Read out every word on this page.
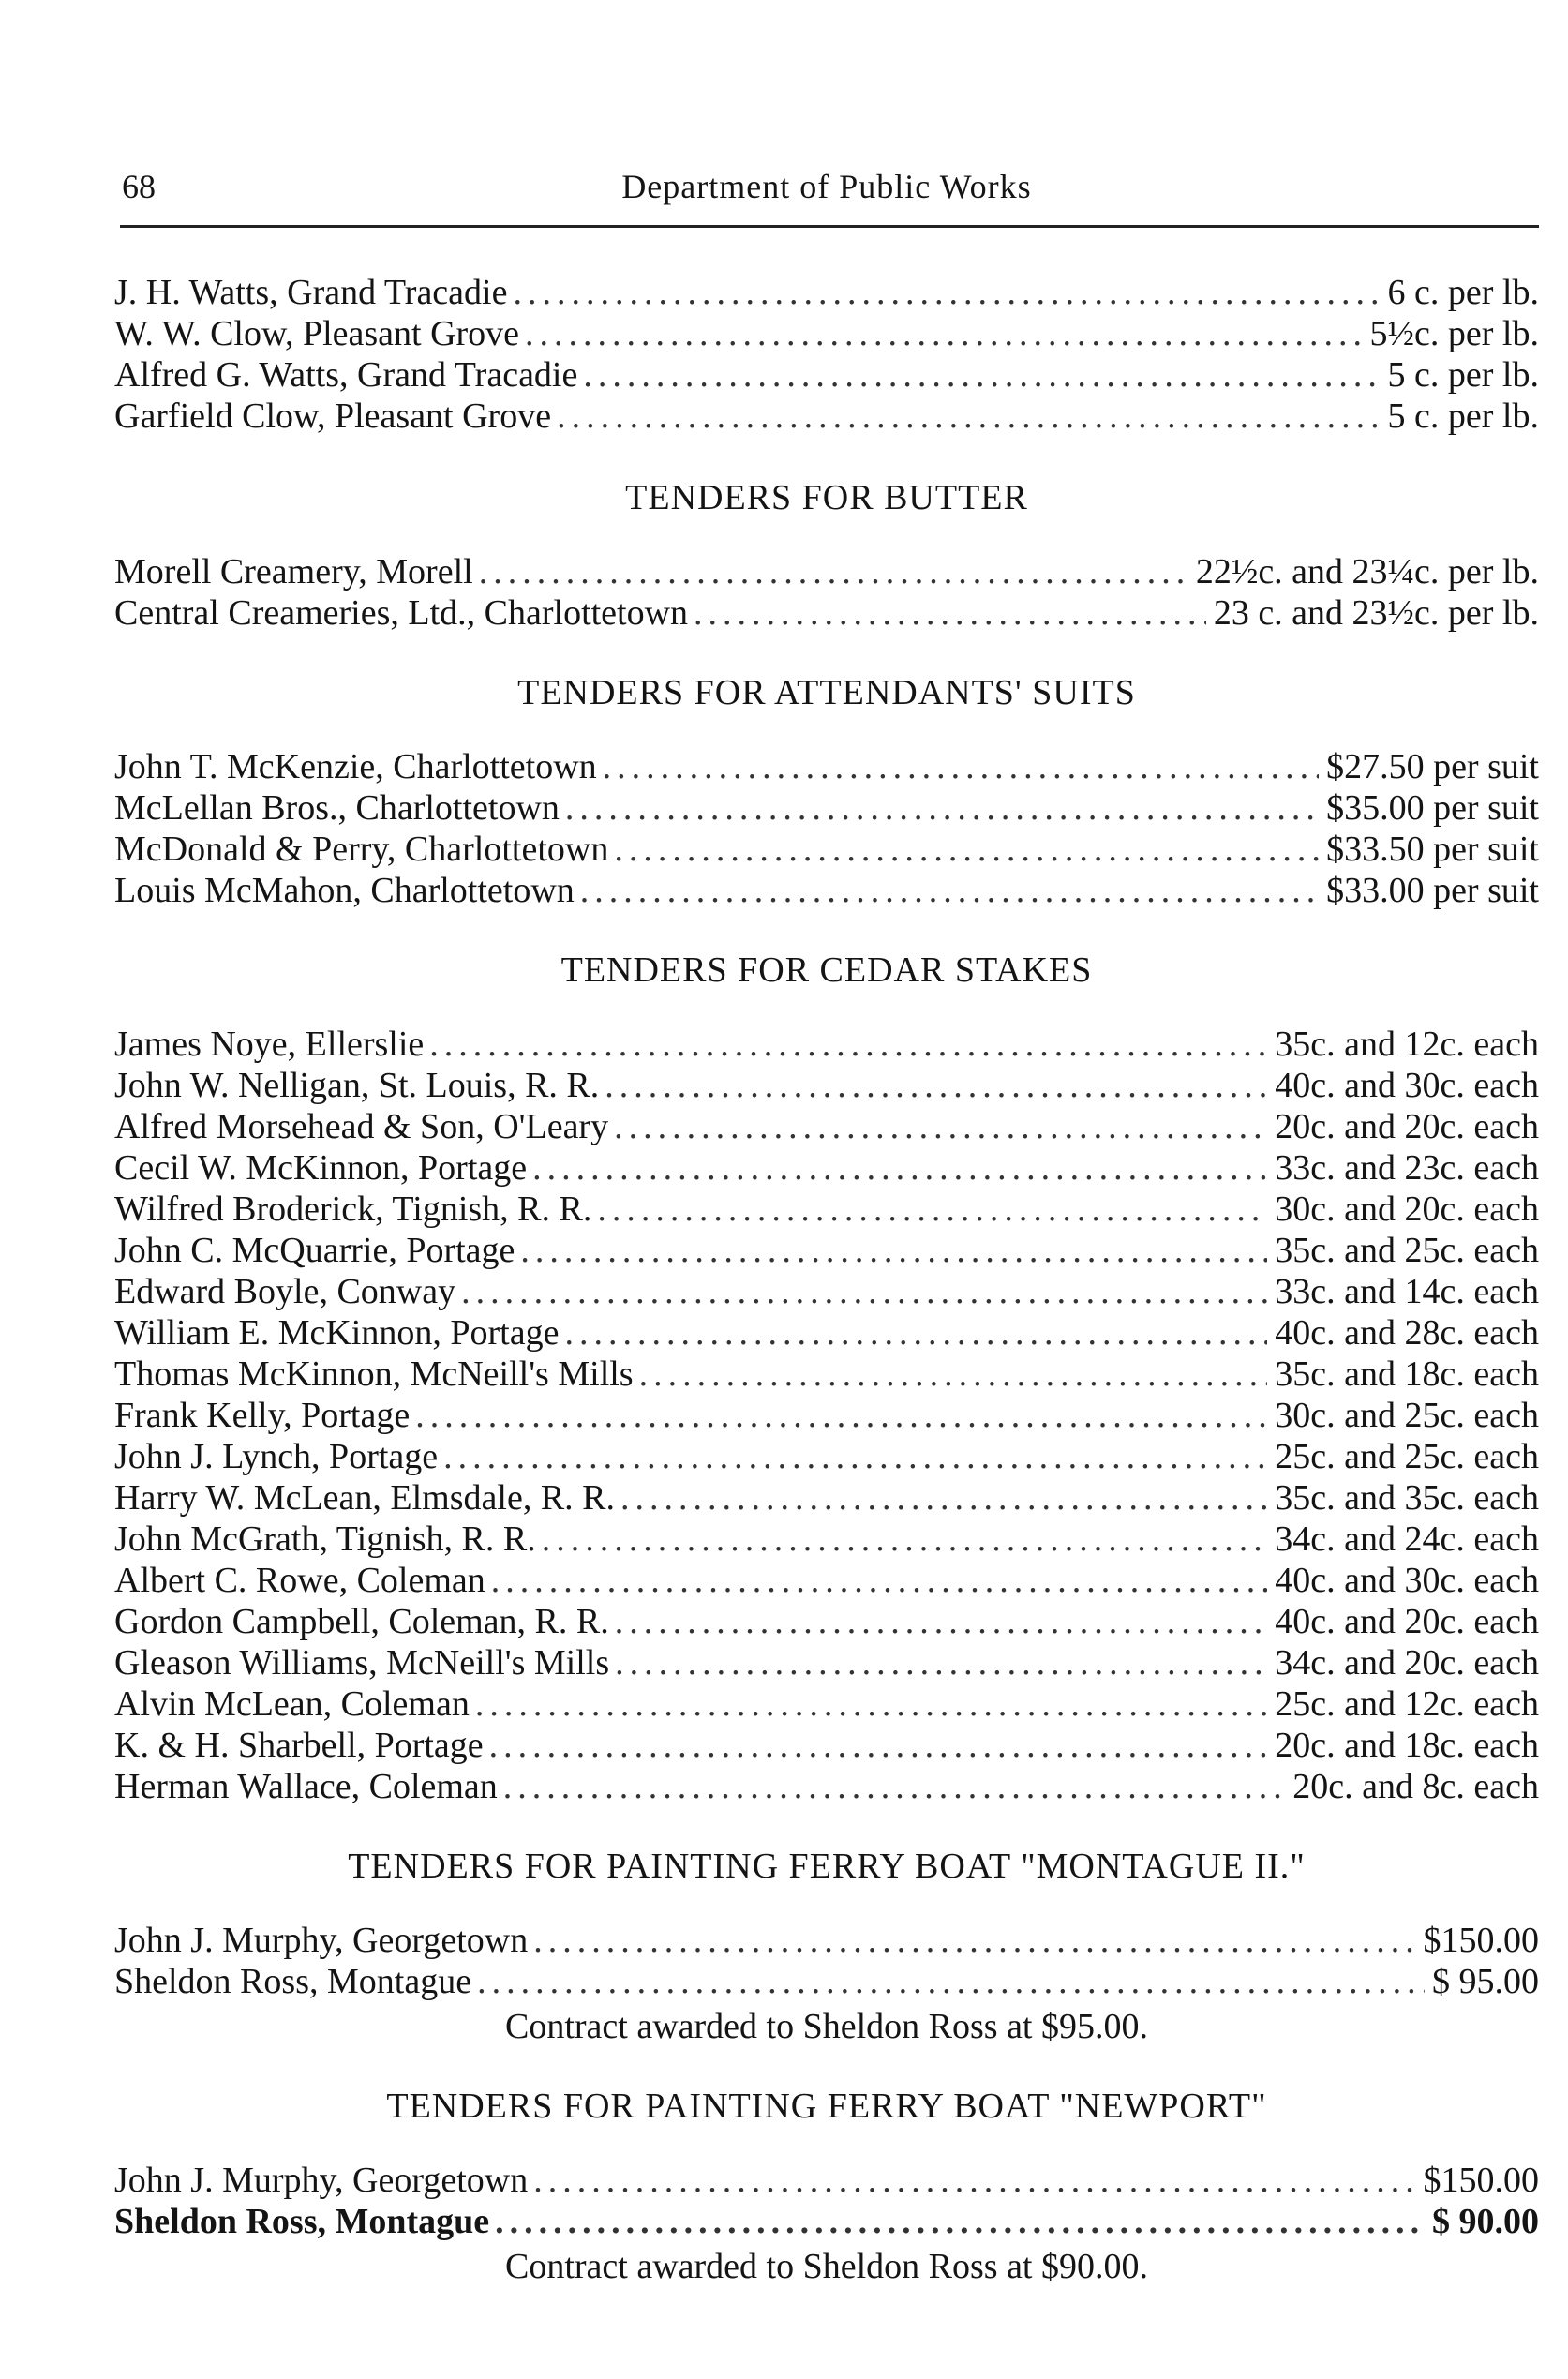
68	Department of Public Works
J. H. Watts, Grand Tracadie .....	6 c. per lb.
W. W. Clow, Pleasant Grove .....	5½c. per lb.
Alfred G. Watts, Grand Tracadie .....	5 c. per lb.
Garfield Clow, Pleasant Grove .....	5 c. per lb.
TENDERS FOR BUTTER
Morell Creamery, Morell .....	22½c. and 23¼c. per lb.
Central Creameries, Ltd., Charlottetown .....	23 c. and 23½c. per lb.
TENDERS FOR ATTENDANTS' SUITS
John T. McKenzie, Charlottetown .....	$27.50 per suit
McLellan Bros., Charlottetown .....	$35.00 per suit
McDonald & Perry, Charlottetown .....	$33.50 per suit
Louis McMahon, Charlottetown .....	$33.00 per suit
TENDERS FOR CEDAR STAKES
James Noye, Ellerslie .....	35c. and 12c. each
John W. Nelligan, St. Louis, R. R. .....	40c. and 30c. each
Alfred Morsehead & Son, O'Leary .....	20c. and 20c. each
Cecil W. McKinnon, Portage .....	33c. and 23c. each
Wilfred Broderick, Tignish, R. R. .....	30c. and 20c. each
John C. McQuarrie, Portage .....	35c. and 25c. each
Edward Boyle, Conway .....	33c. and 14c. each
William E. McKinnon, Portage .....	40c. and 28c. each
Thomas McKinnon, McNeill's Mills .....	35c. and 18c. each
Frank Kelly, Portage .....	30c. and 25c. each
John J. Lynch, Portage .....	25c. and 25c. each
Harry W. McLean, Elmsdale, R. R. .....	35c. and 35c. each
John McGrath, Tignish, R. R. .....	34c. and 24c. each
Albert C. Rowe, Coleman .....	40c. and 30c. each
Gordon Campbell, Coleman, R. R. .....	40c. and 20c. each
Gleason Williams, McNeill's Mills .....	34c. and 20c. each
Alvin McLean, Coleman .....	25c. and 12c. each
K. & H. Sharbell, Portage .....	20c. and 18c. each
Herman Wallace, Coleman .....	20c. and 8c. each
TENDERS FOR PAINTING FERRY BOAT "MONTAGUE II."
John J. Murphy, Georgetown .....	$150.00
Sheldon Ross, Montague .....	$ 95.00
Contract awarded to Sheldon Ross at $95.00.
TENDERS FOR PAINTING FERRY BOAT "NEWPORT"
John J. Murphy, Georgetown .....	$150.00
Sheldon Ross, Montague .....	$ 90.00
Contract awarded to Sheldon Ross at $90.00.
